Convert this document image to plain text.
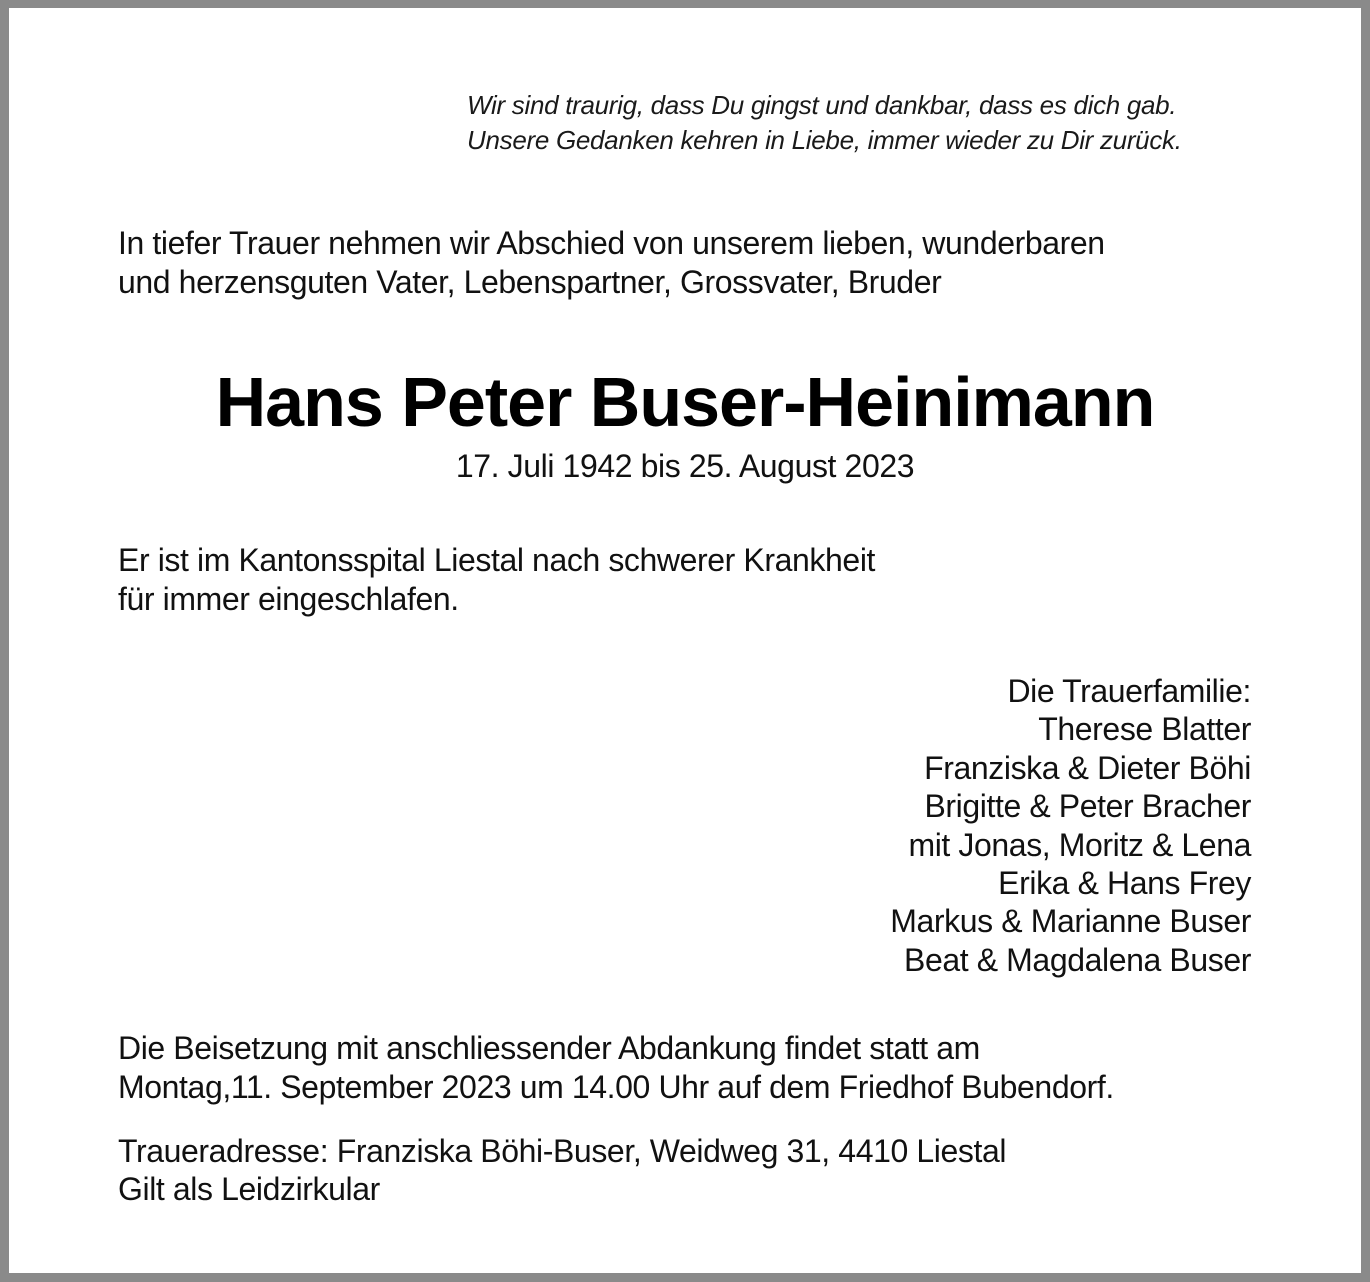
Wir sind traurig, dass Du gingst und dankbar, dass es dich gab.
Unsere Gedanken kehren in Liebe, immer wieder zu Dir zurück.
In tiefer Trauer nehmen wir Abschied von unserem lieben, wunderbaren
und herzensguten Vater, Lebenspartner, Grossvater, Bruder
Hans Peter Buser-Heinimann
17. Juli 1942 bis 25. August 2023
Er ist im Kantonsspital Liestal nach schwerer Krankheit
für immer eingeschlafen.
Die Trauerfamilie:
Therese Blatter
Franziska & Dieter Böhi
Brigitte & Peter Bracher
mit Jonas, Moritz & Lena
Erika & Hans Frey
Markus & Marianne Buser
Beat & Magdalena Buser
Die Beisetzung mit anschliessender Abdankung findet statt am
Montag,11. September 2023 um 14.00 Uhr auf dem Friedhof Bubendorf.
Traueradresse: Franziska Böhi-Buser, Weidweg 31, 4410 Liestal
Gilt als Leidzirkular
